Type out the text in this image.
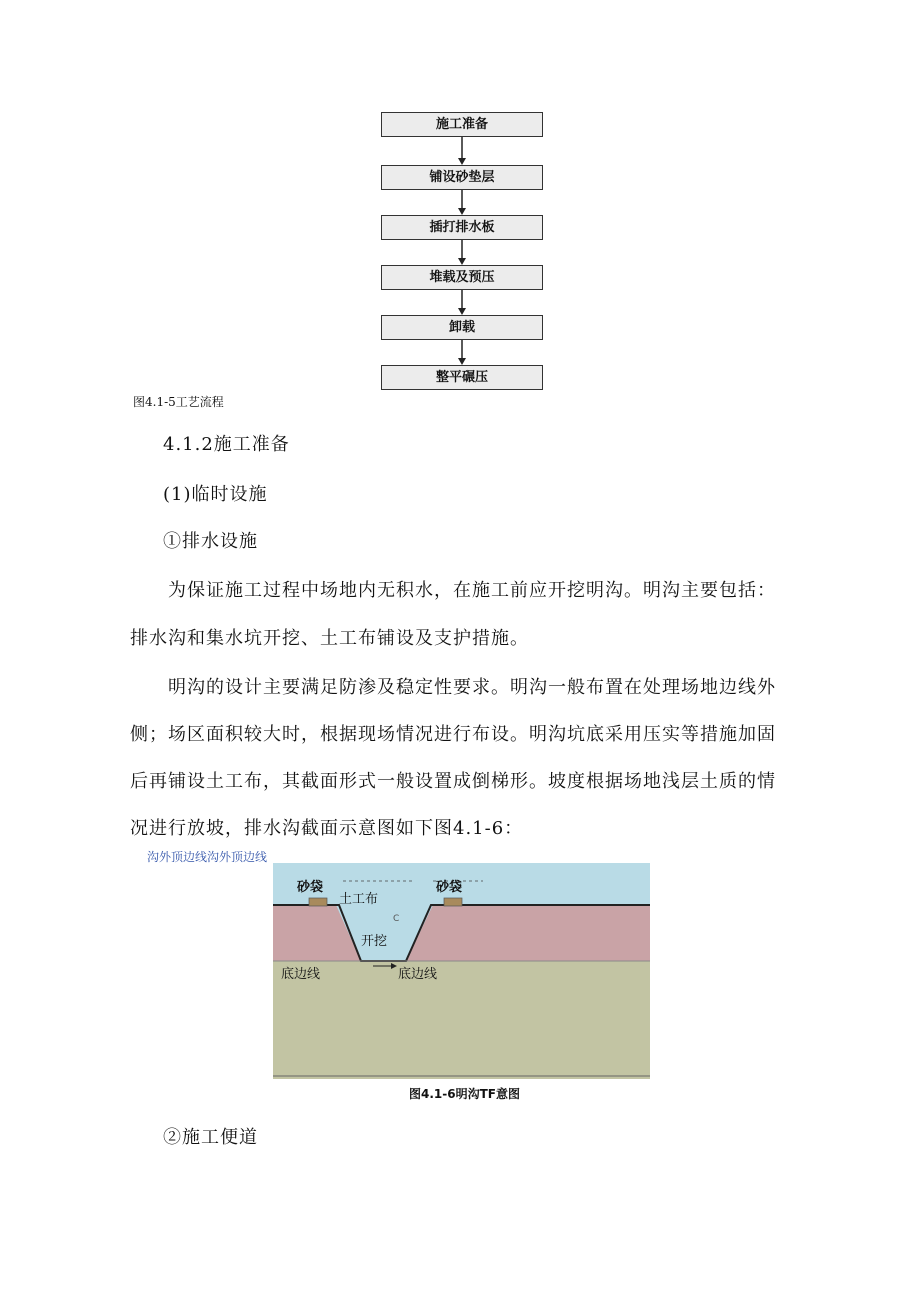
施工准备
铺设砂垫层
插打排水板
堆载及预压
卸载
整平碾压
图4.1-5工艺流程
4.1.2施工准备
(1)临时设施
①排水设施
为保证施工过程中场地内无积水，在施工前应开挖明沟。明沟主要包括：
排水沟和集水坑开挖、土工布铺设及支护措施。
明沟的设计主要满足防渗及稳定性要求。明沟一般布置在处理场地边线外
侧；场区面积较大时，根据现场情况进行布设。明沟坑底采用压实等措施加固
后再铺设土工布，其截面形式一般设置成倒梯形。坡度根据场地浅层土质的情
况进行放坡，排水沟截面示意图如下图4.1-6：
沟外顶边线沟外顶边线
砂袋	砂袋
土工布
开挖
底边线	底边线
C
图4.1-6明沟TF意图
②施工便道
